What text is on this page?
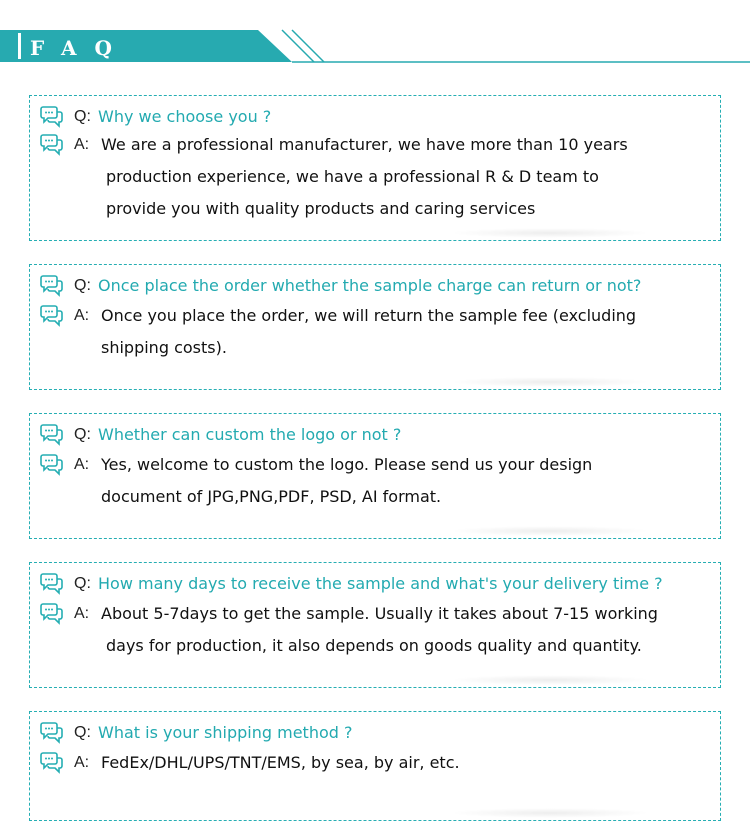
FAQ
Q: Why we choose you ?
A: We are a professional manufacturer, we have more than 10 years
production experience, we have a professional R & D team to
provide you with quality products and caring services
Q: Once place the order whether the sample charge can return or not?
A: Once you place the order, we will return the sample fee (excluding
shipping costs).
Q: Whether can custom the logo or not ?
A: Yes, welcome to custom the logo. Please send us your design
document of JPG,PNG,PDF, PSD, AI format.
Q: How many days to receive the sample and what's your delivery time ?
A: About 5-7days to get the sample. Usually it takes about 7-15 working
days for production, it also depends on goods quality and quantity.
Q: What is your shipping method ?
A: FedEx/DHL/UPS/TNT/EMS, by sea, by air, etc.
